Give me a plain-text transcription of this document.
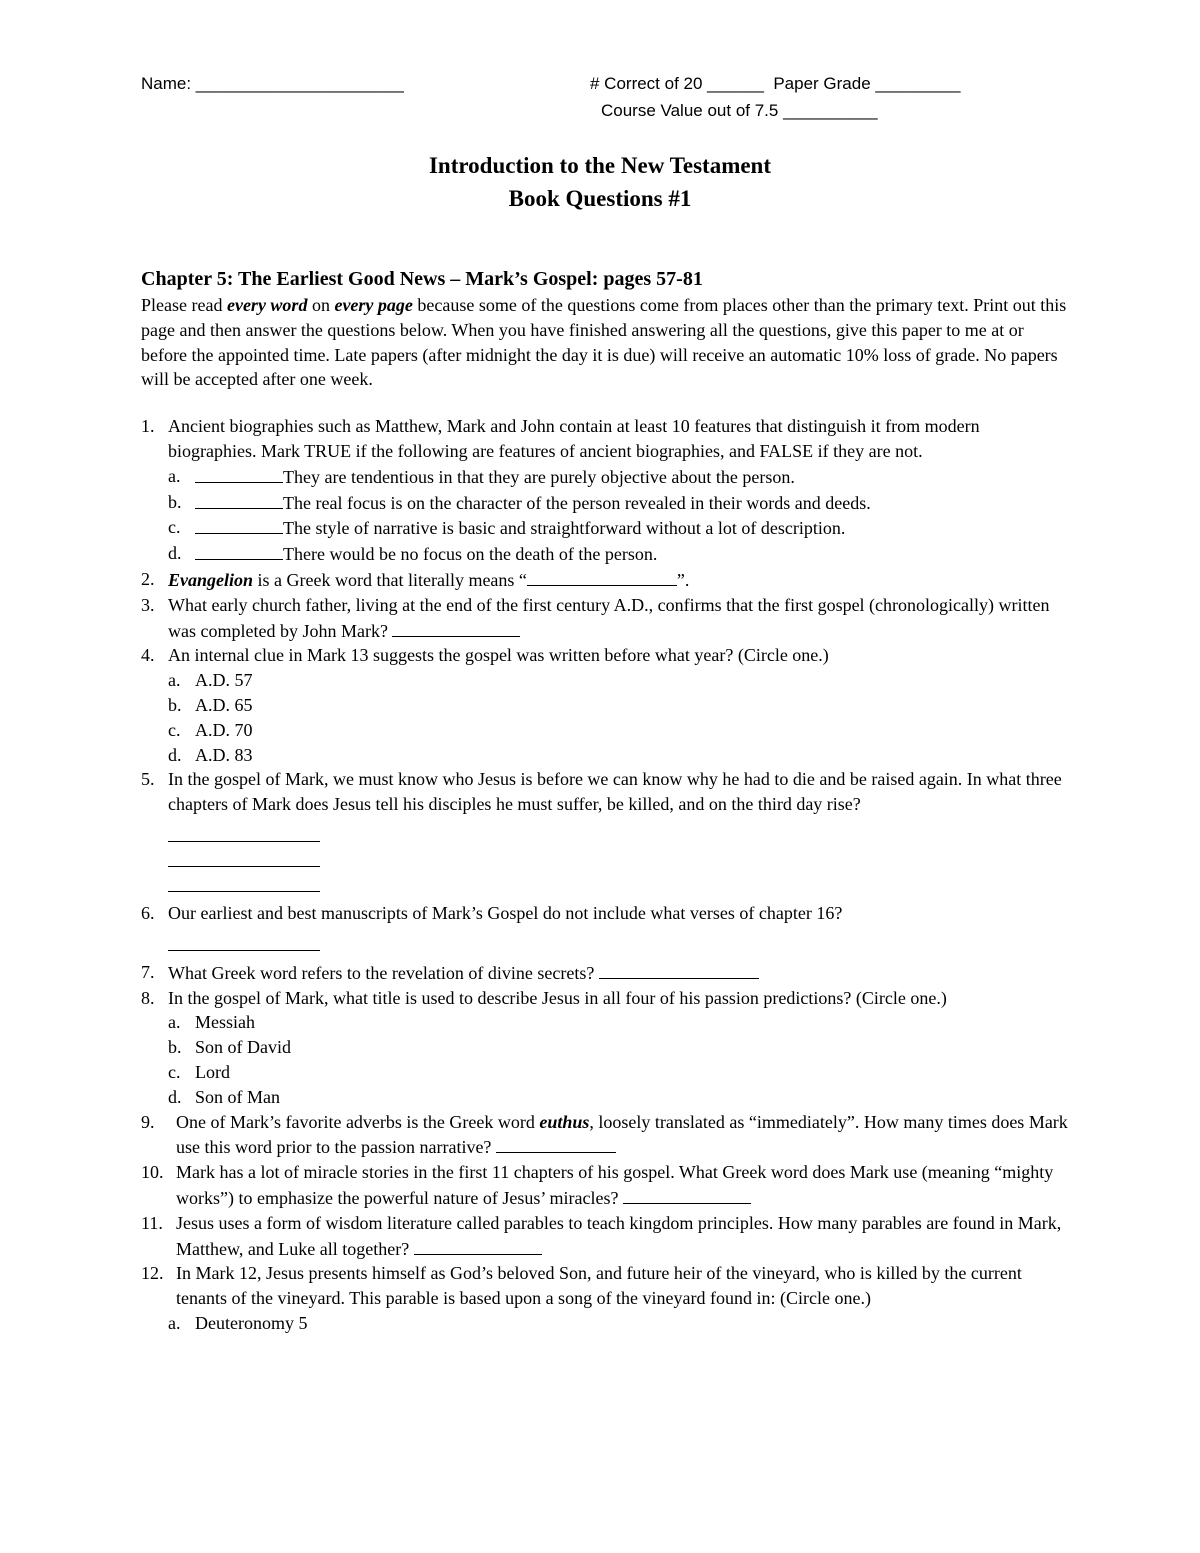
Name: ______________________	# Correct of 20 ______  Paper Grade _________
Course Value out of 7.5 __________
Introduction to the New Testament
Book Questions #1
Chapter 5: The Earliest Good News – Mark’s Gospel: pages 57-81

Please read every word on every page because some of the questions come from places other than the primary text. Print out this page and then answer the questions below. When you have finished answering all the questions, give this paper to me at or before the appointed time. Late papers (after midnight the day it is due) will receive an automatic 10% loss of grade. No papers will be accepted after one week.

1. Ancient biographies such as Matthew, Mark and John contain at least 10 features that distinguish it from modern biographies. Mark TRUE if the following are features of ancient biographies, and FALSE if they are not.
a.	They are tendentious in that they are purely objective about the person.
b.	The real focus is on the character of the person revealed in their words and deeds.
c.	The style of narrative is basic and straightforward without a lot of description.
d.	There would be no focus on the death of the person.
2. Evangelion is a Greek word that literally means “	”.
3. What early church father, living at the end of the first century A.D., confirms that the first gospel (chronologically) written was completed by John Mark?
4. An internal clue in Mark 13 suggests the gospel was written before what year? (Circle one.)
a. A.D. 57
b. A.D. 65
c. A.D. 70
d. A.D. 83
5. In the gospel of Mark, we must know who Jesus is before we can know why he had to die and be raised again. In what three chapters of Mark does Jesus tell his disciples he must suffer, be killed, and on the third day rise?
6. Our earliest and best manuscripts of Mark’s Gospel do not include what verses of chapter 16?
7. What Greek word refers to the revelation of divine secrets?
8. In the gospel of Mark, what title is used to describe Jesus in all four of his passion predictions? (Circle one.)
a. Messiah
b. Son of David
c. Lord
d. Son of Man
9. One of Mark’s favorite adverbs is the Greek word euthus, loosely translated as “immediately”. How many times does Mark use this word prior to the passion narrative?
10. Mark has a lot of miracle stories in the first 11 chapters of his gospel. What Greek word does Mark use (meaning “mighty works”) to emphasize the powerful nature of Jesus’ miracles?
11. Jesus uses a form of wisdom literature called parables to teach kingdom principles. How many parables are found in Mark, Matthew, and Luke all together?
12. In Mark 12, Jesus presents himself as God’s beloved Son, and future heir of the vineyard, who is killed by the current tenants of the vineyard. This parable is based upon a song of the vineyard found in: (Circle one.)
a. Deuteronomy 5
